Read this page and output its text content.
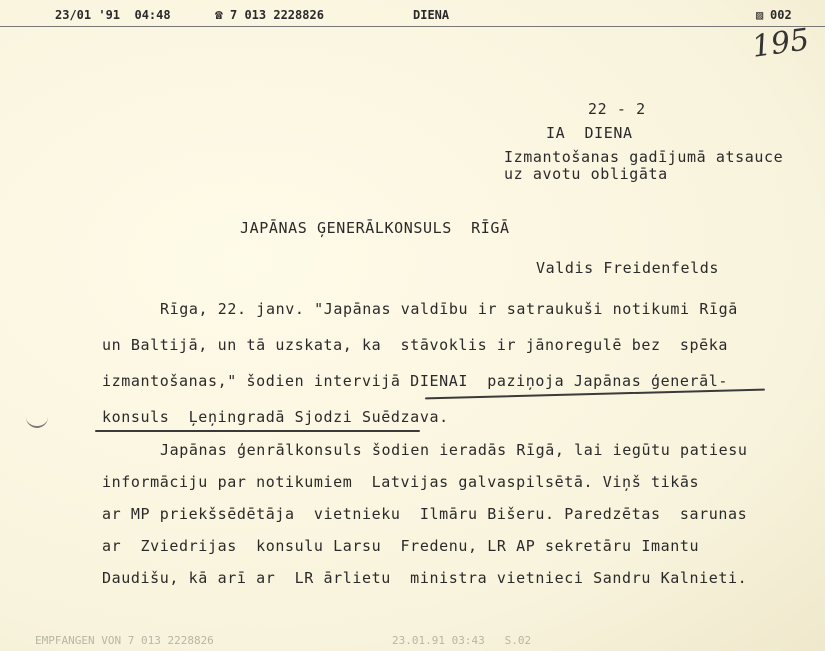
23/01 '91  04:48	☎ 7 013 2228826	DIENA	▨ 002
195
22 - 2
IA  DIENA
Izmantošanas gadījumā atsauce
uz avotu obligāta
JAPĀNAS ĢENERĀLKONSULS  RĪGĀ
Valdis Freidenfelds
Rīga, 22. janv. "Japānas valdību ir satraukuši notikumi Rīgā
un Baltijā, un tā uzskata, ka  stāvoklis ir jānoregulē bez  spēka
izmantošanas," šodien intervijā DIENAI  paziņoja Japānas ģenerāl-
konsuls  Ļeņingradā Sjodzi Suēdzava.
Japānas ģenrālkonsuls šodien ieradās Rīgā, lai iegūtu patiesu
informāciju par notikumiem  Latvijas galvaspilsētā. Viņš tikās
ar MP priekšsēdētāja  vietnieku  Ilmāru Bišeru. Paredzētas  sarunas
ar  Zviedrijas  konsulu Larsu  Fredenu, LR AP sekretāru Imantu
Daudišu, kā arī ar  LR ārlietu  ministra vietnieci Sandru Kalnieti.
EMPFANGEN VON 7 013 2228826	23.01.91 03:43   S.02
